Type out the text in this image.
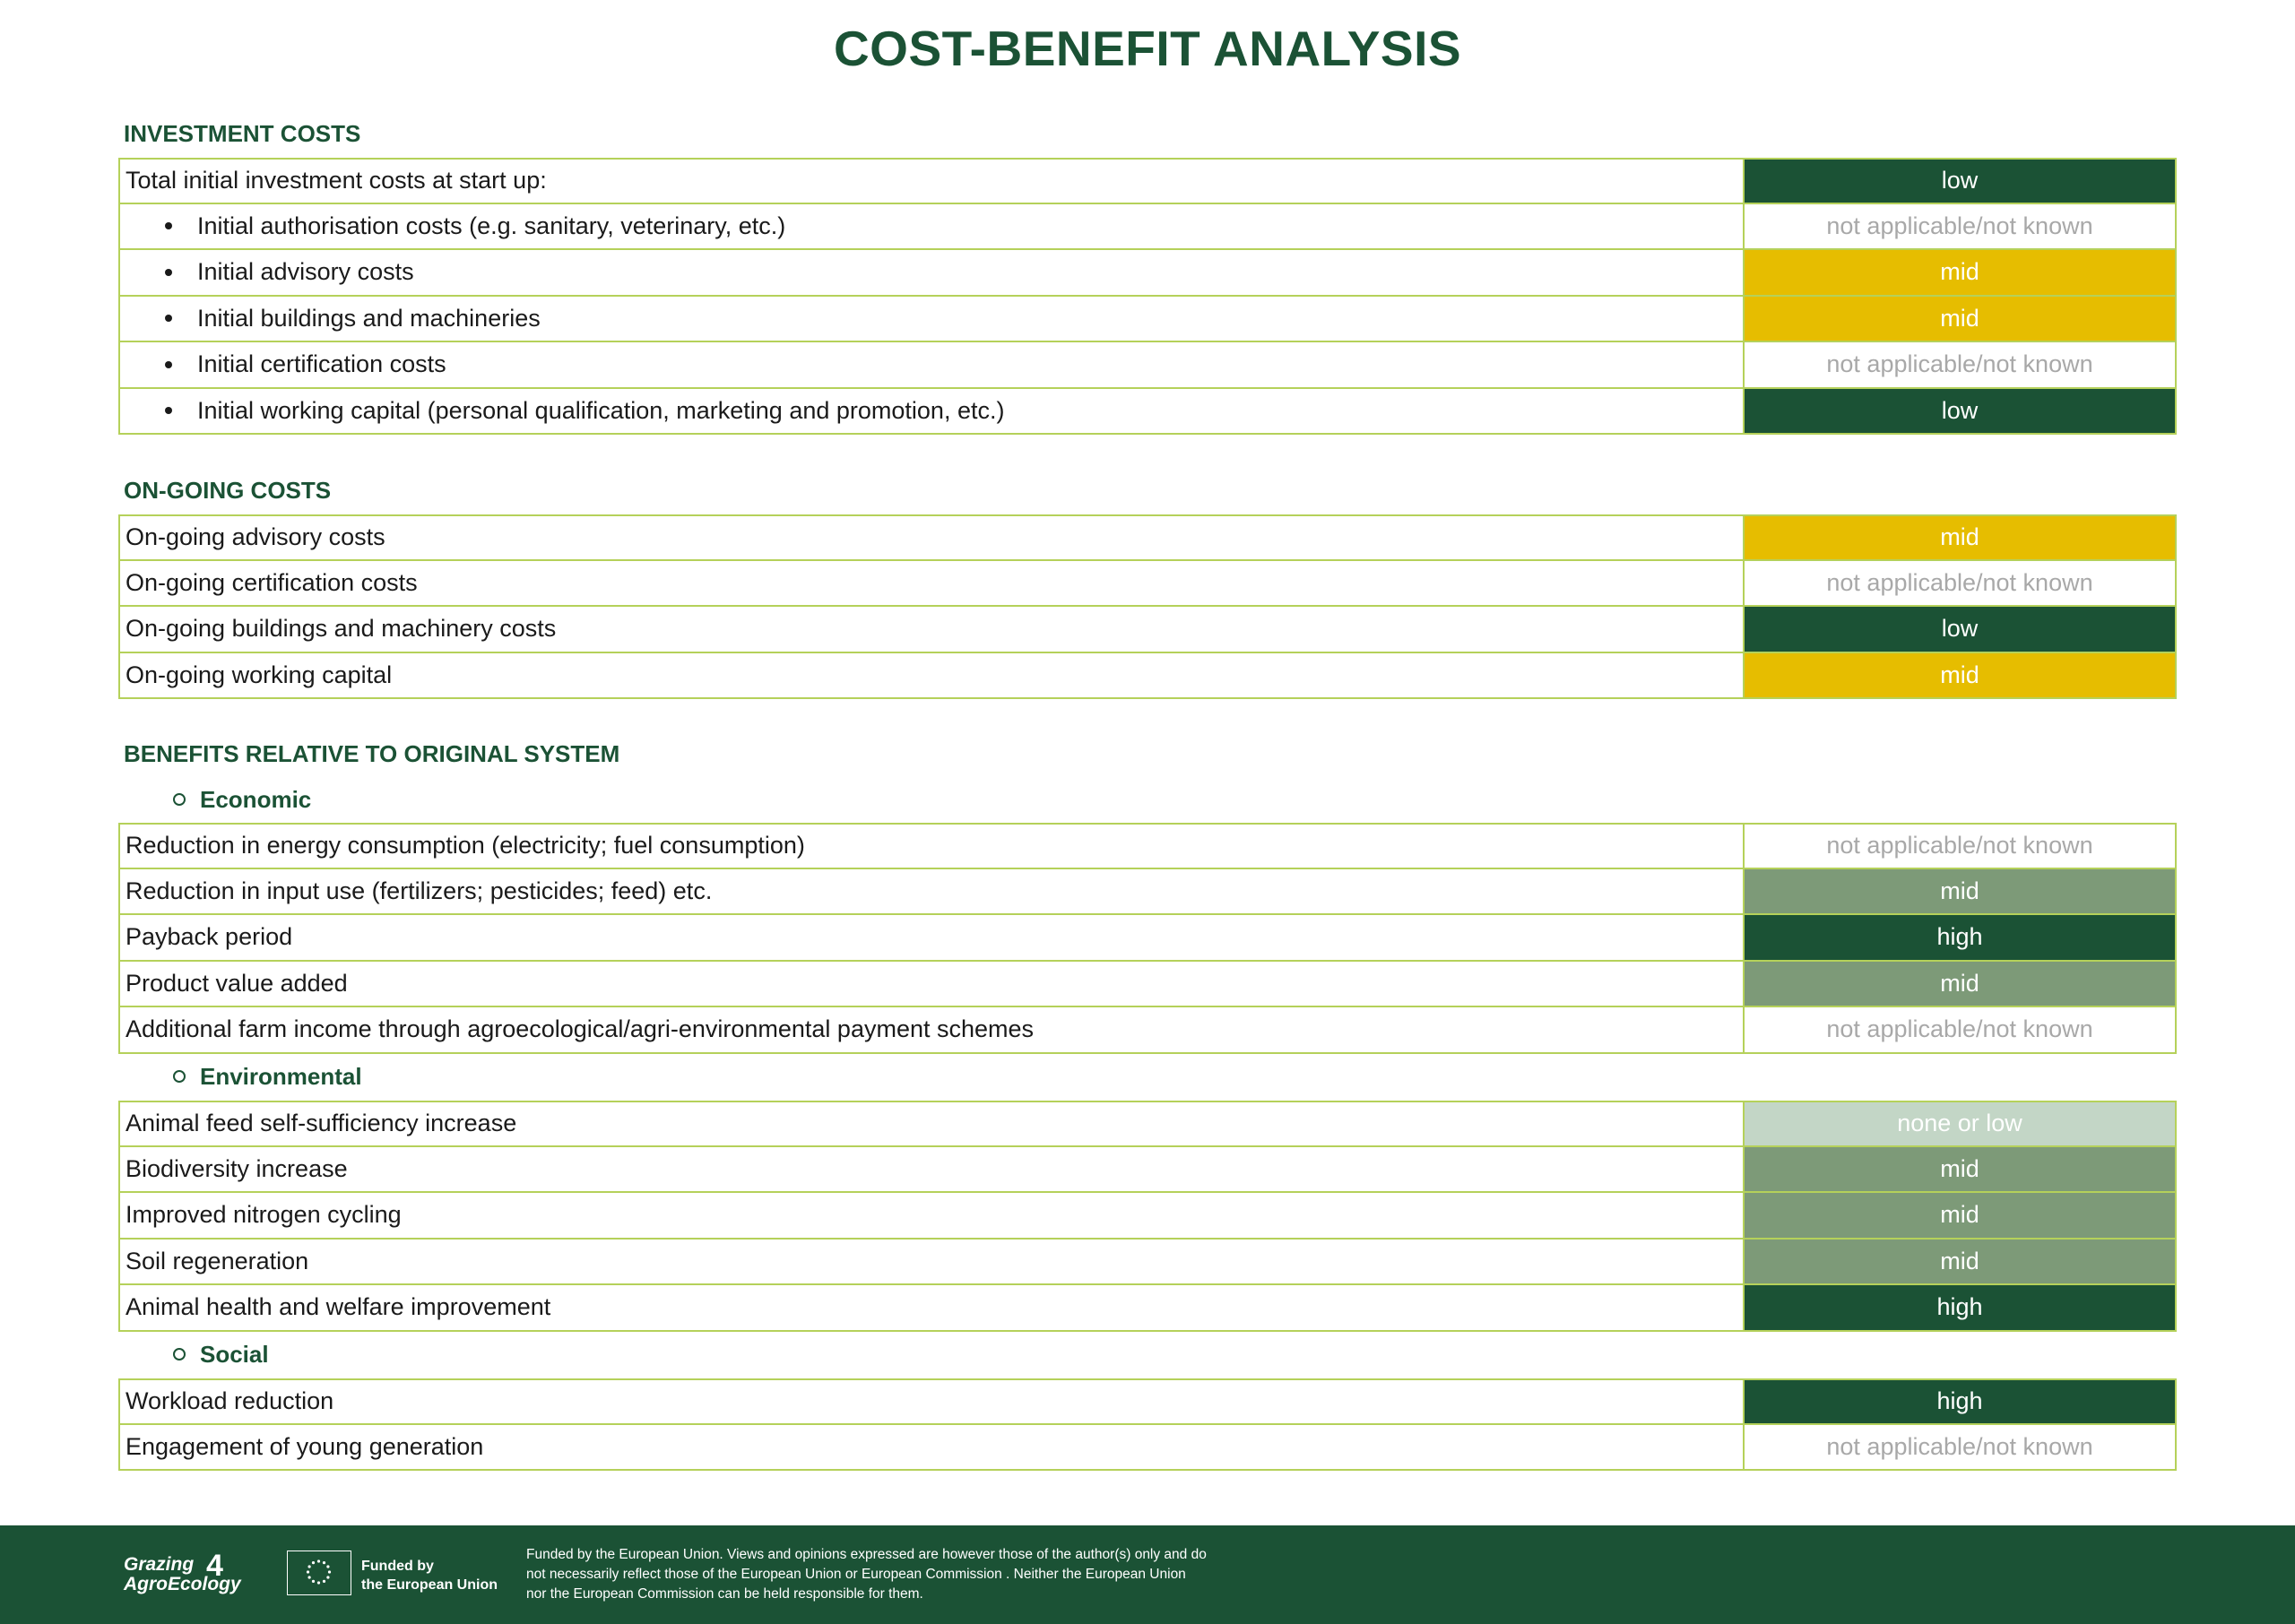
COST-BENEFIT ANALYSIS
INVESTMENT COSTS
Total initial investment costs at start up:	low
Initial authorisation costs (e.g. sanitary, veterinary, etc.)	not applicable/not known
Initial advisory costs	mid
Initial buildings and machineries	mid
Initial certification costs	not applicable/not known
Initial working capital (personal qualification, marketing and promotion, etc.)	low
ON-GOING COSTS
On-going advisory costs	mid
On-going certification costs	not applicable/not known
On-going buildings and machinery costs	low
On-going working capital	mid
BENEFITS RELATIVE TO ORIGINAL SYSTEM
Economic
Reduction in energy consumption (electricity; fuel consumption)	not applicable/not known
Reduction in input use (fertilizers; pesticides; feed) etc.	mid
Payback period	high
Product value added	mid
Additional farm income through agroecological/agri-environmental payment schemes	not applicable/not known
Environmental
Animal feed self-sufficiency increase	none or low
Biodiversity increase	mid
Improved nitrogen cycling	mid
Soil regeneration	mid
Animal health and welfare improvement	high
Social
Workload reduction	high
Engagement of young generation	not applicable/not known
Grazing
AgroEcology
4	Funded by
the European Union
Funded by the European Union. Views and opinions expressed are however those of the author(s) only and do not necessarily reflect those of the European Union or European Commission . Neither the European Union nor the European Commission can be held responsible for them.
